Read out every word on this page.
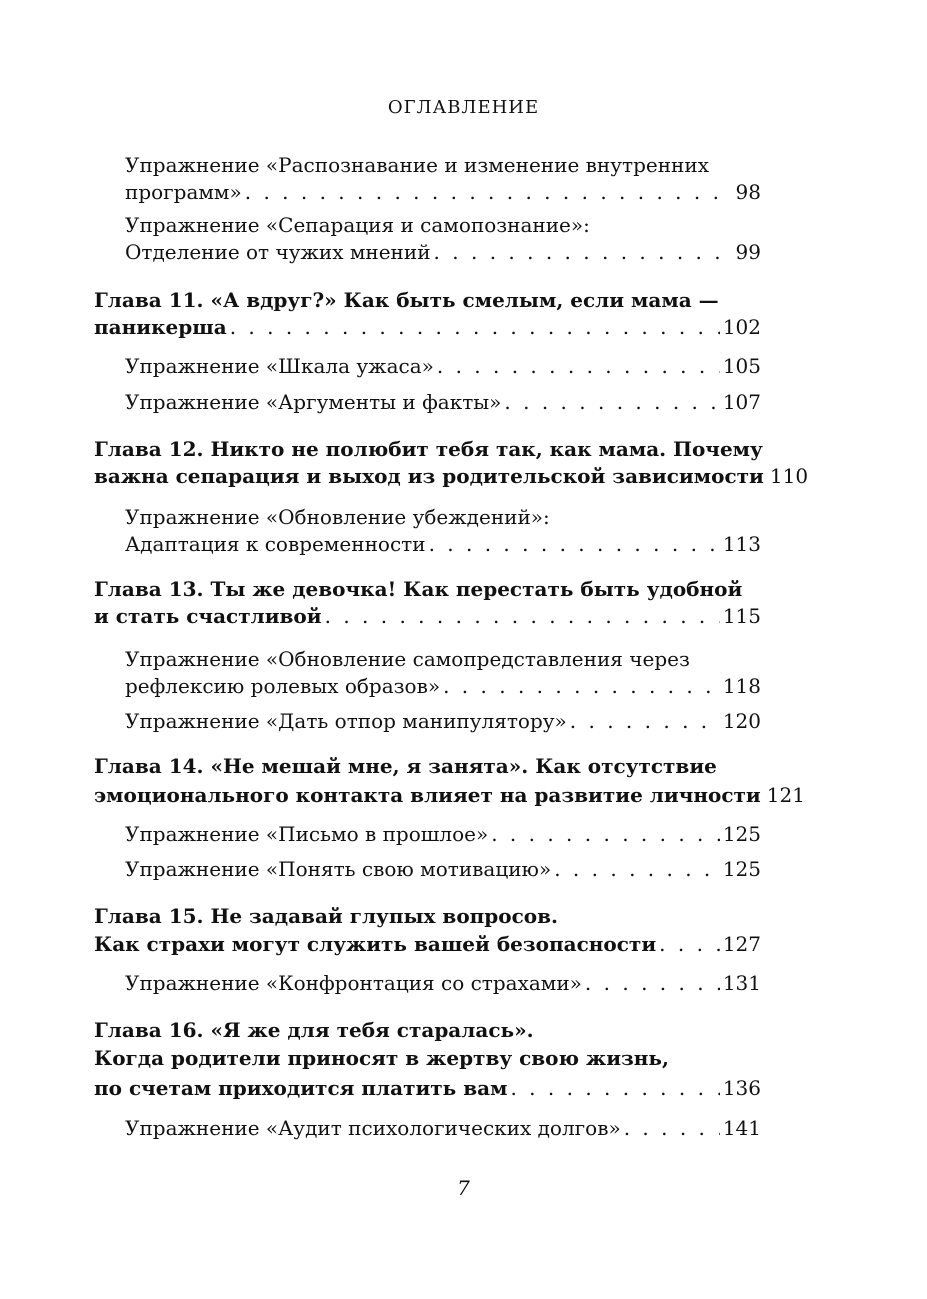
ОГЛАВЛЕНИЕ
Упражнение «Распознавание и изменение внутренних
программ» . . .	98
Упражнение «Сепарация и самопознание»:
Отделение от чужих мнений . . .	99
Глава 11. «А вдруг?» Как быть смелым, если мама —
паникерша . . .	102
Упражнение «Шкала ужаса» . . .	105
Упражнение «Аргументы и факты» . . .	107
Глава 12. Никто не полюбит тебя так, как мама. Почему
важна сепарация и выход из родительской зависимости 110
Упражнение «Обновление убеждений»:
Адаптация к современности . . .	113
Глава 13. Ты же девочка! Как перестать быть удобной
и стать счастливой . . .	115
Упражнение «Обновление самопредставления через
рефлексию ролевых образов» . . .	118
Упражнение «Дать отпор манипулятору» . . .	120
Глава 14. «Не мешай мне, я занята». Как отсутствие
эмоционального контакта влияет на развитие личности 121
Упражнение «Письмо в прошлое» . . .	125
Упражнение «Понять свою мотивацию» . . .	125
Глава 15. Не задавай глупых вопросов.
Как страхи могут служить вашей безопасности . . .	127
Упражнение «Конфронтация со страхами» . . .	131
Глава 16. «Я же для тебя старалась».
Когда родители приносят в жертву свою жизнь,
по счетам приходится платить вам . . .	136
Упражнение «Аудит психологических долгов» . . .	141
7
